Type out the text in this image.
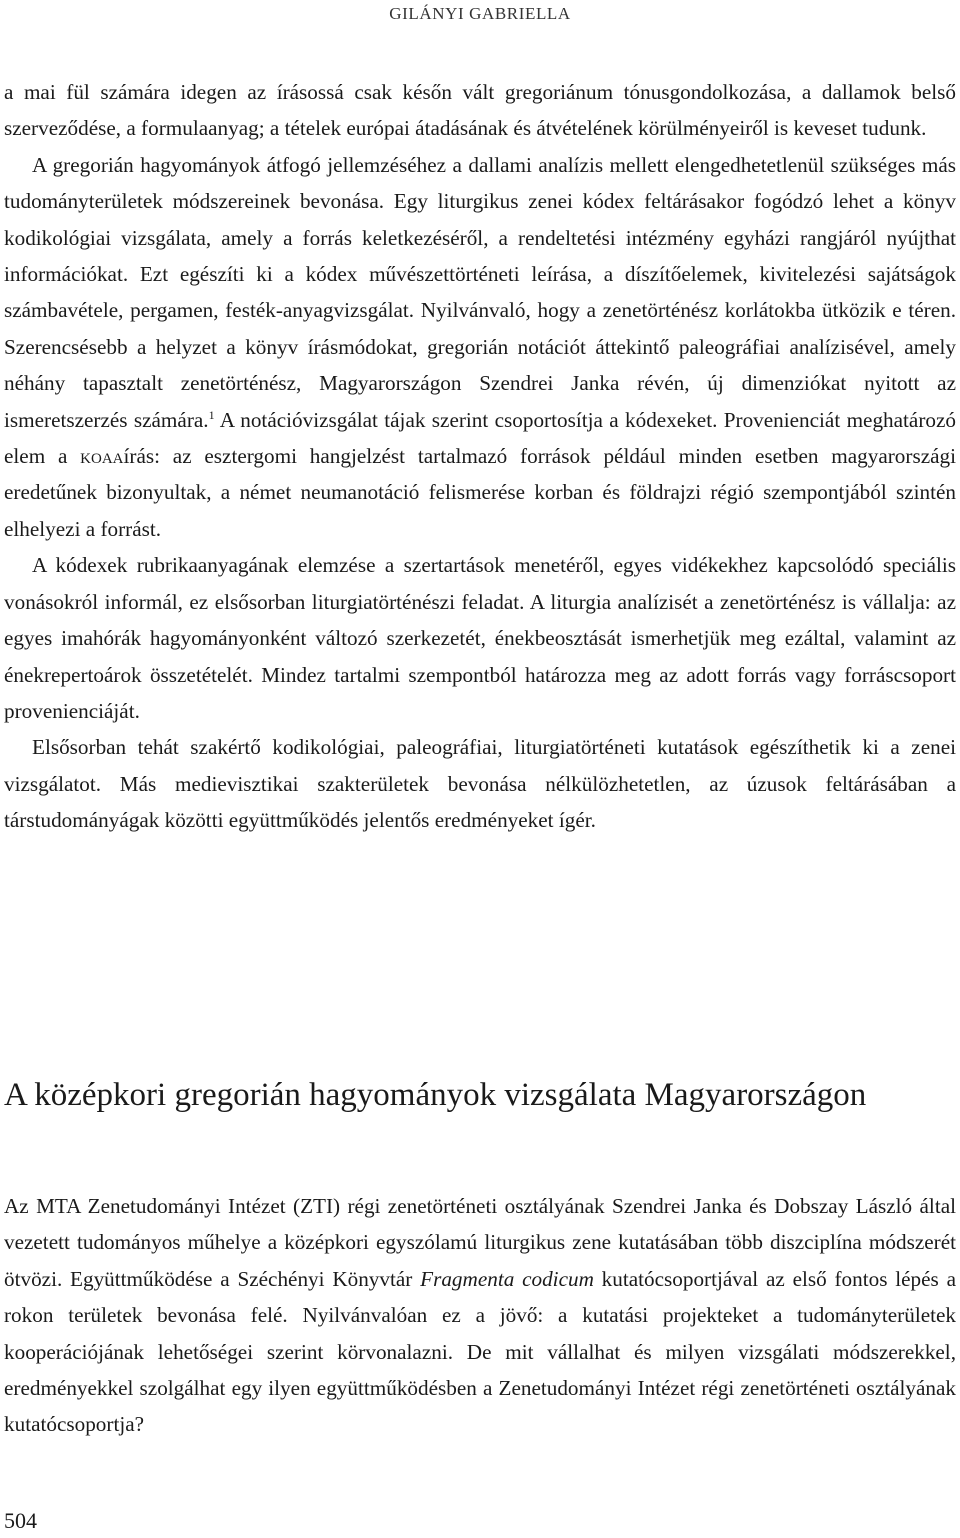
GILÁNYI GABRIELLA

a mai fül számára idegen az írásossá csak későn vált gregoriánum tónusgondolkozása, a dallamok belső szerveződése, a formulaanyag; a tételek európai átadásának és átvételének körülményeiről is keveset tudunk.

A gregorián hagyományok átfogó jellemzéséhez a dallami analízis mellett elengedhetetlenül szükséges más tudományterületek módszereinek bevonása. Egy liturgikus zenei kódex feltárásakor fogódzó lehet a könyv kodikológiai vizsgálata, amely a forrás keletkezéséről, a rendeltetési intézmény egyházi rangjáról nyújthat információkat. Ezt egészíti ki a kódex művészettörténeti leírása, a díszítőelemek, kivitelezési sajátságok számbavétele, pergamen, festék-anyagvizsgálat. Nyilvánvaló, hogy a zenetörténész korlátokba ütközik e téren. Szerencsésebb a helyzet a könyv írásmódokat, gregorián notációt áttekintő paleográfiai analízisével, amely néhány tapasztalt zenetörténész, Magyarországon Szendrei Janka révén, új dimenziókat nyitott az ismeretszerzés számára.$^1$ A notációvizsgálat tájak szerint csoportosítja a kódexeket. Provenienciát meghatározó elem a koaaírás: az esztergomi hangjelzést tartalmazó források például minden esetben magyarországi eredetűnek bizonyultak, a német neumanotáció felismerése korban és földrajzi régió szempontjából szintén elhelyezi a forrást.

A kódexek rubrikaanyagának elemzése a szertartások menetéről, egyes vidékekhez kapcsolódó speciális vonásokról informál, ez elsősorban liturgiatörténészi feladat. A liturgia analízisét a zenetörténész is vállalja: az egyes imahórák hagyományonként változó szerkezetét, énekbeosztását ismerhetjük meg ezáltal, valamint az énekrepertoárok összetételét. Mindez tartalmi szempontból határozza meg az adott forrás vagy forráscsoport provenienciáját.

Elsősorban tehát szakértő kodikológiai, paleográfiai, liturgiatörténeti kutatások egészíthetik ki a zenei vizsgálatot. Más medievisztikai szakterületek bevonása nélkülözhetetlen, az úzusok feltárásában a társtudományágak közötti együttműködés jelentős eredményeket ígér.

A középkori gregorián hagyományok vizsgálata Magyarországon

Az MTA Zenetudományi Intézet (ZTI) régi zenetörténeti osztályának Szendrei Janka és Dobszay László által vezetett tudományos műhelye a középkori egyszólamú liturgikus zene kutatásában több diszciplína módszerét ötvözi. Együttműködése a Széchényi Könyvtár Fragmenta codicum kutatócsoportjával az első fontos lépés a rokon területek bevonása felé. Nyilvánvalóan ez a jövő: a kutatási projekteket a tudományterületek kooperációjának lehetőségei szerint körvonalazni. De mit vállalhat és milyen vizsgálati módszerekkel, eredményekkel szolgálhat egy ilyen együttműködésben a Zenetudományi Intézet régi zenetörténeti osztályának kutatócsoportja?

504
